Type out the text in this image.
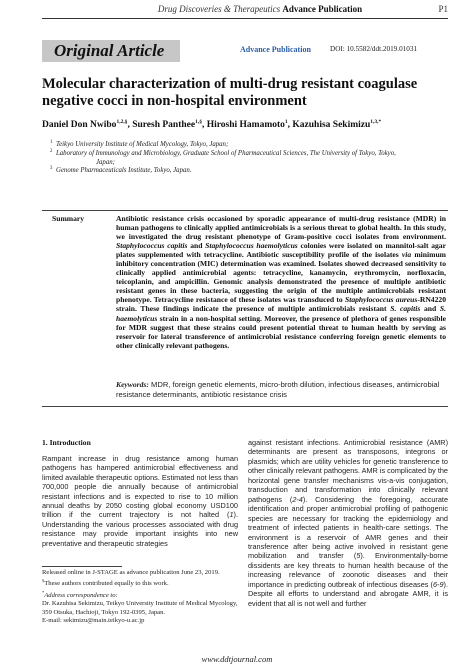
Drug Discoveries & Therapeutics Advance Publication	P1
Original Article	Advance Publication	DOI: 10.5582/ddt.2019.01031
Molecular characterization of multi-drug resistant coagulase negative cocci in non-hospital environment
Daniel Don Nwibo$^{1,2,\S}$, Suresh Panthee$^{1,\S}$, Hiroshi Hamamoto$^1$, Kazuhisa Sekimizu$^{1,3,*}$
1 Teikyo University Institute of Medical Mycology, Tokyo, Japan;
2 Laboratory of Immunology and Microbiology, Graduate School of Pharmaceutical Sciences, The University of Tokyo, Tokyo,
Japan;
3 Genome Pharmaceuticals Institute, Tokyo, Japan.
Summary	Antibiotic resistance crisis occasioned by sporadic appearance of multi-drug resistance (MDR) in human pathogens to clinically applied antimicrobials is a serious threat to global health. In this study, we investigated the drug resistant phenotype of Gram-positive cocci isolates from environment. Staphylococcus capitis and Staphylococcus haemolyticus colonies were isolated on mannitol-salt agar plates supplemented with tetracycline. Antibiotic susceptibility profile of the isolates via minimum inhibitory concentration (MIC) determination was examined. Isolates showed decreased sensitivity to clinically applied antimicrobial agents: tetracycline, kanamycin, erythromycin, norfloxacin, teicoplanin, and ampicillin. Genomic analysis demonstrated the presence of multiple antibiotic resistant genes in these bacteria, suggesting the origin of the multiple antimicrobials resistant phenotype. Tetracycline resistance of these isolates was transduced to Staphylococcus aureus-RN4220 strain. These findings indicate the presence of multiple antimicrobials resistant S. capitis and S. haemolyticus strain in a non-hospital setting. Moreover, the presence of plethora of genes responsible for MDR suggest that these strains could present potential threat to human health by serving as reservoir for lateral transference of antimicrobial resistance conferring foreign genetic elements to other clinically relevant pathogens.
Keywords: MDR, foreign genetic elements, micro-broth dilution, infectious diseases, antimicrobial resistance determinants, antibiotic resistance crisis
1. Introduction
Rampant increase in drug resistance among human pathogens has hampered antimicrobial effectiveness and limited available therapeutic options. Estimated not less than 700,000 people die annually because of antimicrobial resistant infections and is expected to rise to 10 million annual deaths by 2050 costing global economy USD100 trillion if the current trajectory is not halted (1). Understanding the various processes associated with drug resistance may provide important insights into new preventative and therapeutic strategies
against resistant infections. Antimicrobial resistance (AMR) determinants are present as transposons, integrons or plasmids; which are utility vehicles for genetic transference to other clinically relevant pathogens. AMR is complicated by the horizontal gene transfer mechanisms vis-a-vis conjugation, transduction and transformation into clinically relevant pathogens (2-4). Considering the foregoing, accurate identification and proper antimicrobial profiling of pathogenic species are necessary for tracking the epidemiology and treatment of infected patients in health-care settings. The environment is a reservoir of AMR genes and their transference after being active involved in resistant gene mobilization and transfer (5). Environmentally-borne dissidents are key threats to human health because of the increasing relevance of zoonotic diseases and their importance in predicting outbreak of infectious diseases (6-9). Despite all efforts to understand and abrogate AMR, it is evident that all is not well and further

Released online in J-STAGE as advance publication June 23, 2019.

§These authors contributed equally to this work.

*Address correspondence to:

Dr. Kazuhisa Sekimizu, Teikyo University Institute of Medical Mycology, 359 Otsuka, Hachioji, Tokyo 192-0395, Japan.

E-mail: sekimizu@main.teikyo-u.ac.jp

www.ddtjournal.com
